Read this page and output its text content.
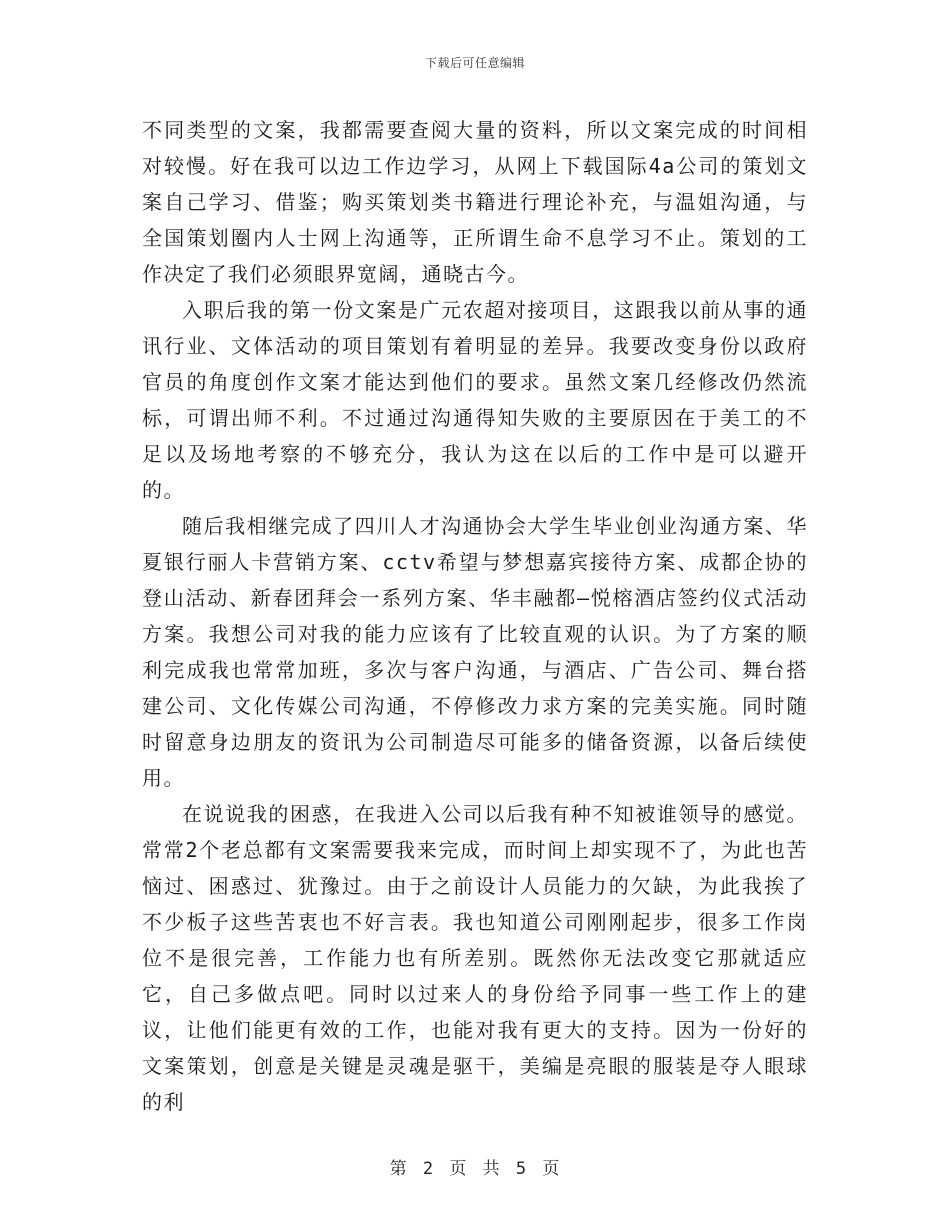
下载后可任意编辑

不同类型的文案，我都需要查阅大量的资料，所以文案完成的时间相对较慢。好在我可以边工作边学习，从网上下载国际4a公司的策划文案自己学习、借鉴；购买策划类书籍进行理论补充，与温姐沟通，与全国策划圈内人士网上沟通等，正所谓生命不息学习不止。策划的工作决定了我们必须眼界宽阔，通晓古今。

入职后我的第一份文案是广元农超对接项目，这跟我以前从事的通讯行业、文体活动的项目策划有着明显的差异。我要改变身份以政府官员的角度创作文案才能达到他们的要求。虽然文案几经修改仍然流标，可谓出师不利。不过通过沟通得知失败的主要原因在于美工的不足以及场地考察的不够充分，我认为这在以后的工作中是可以避开的。

随后我相继完成了四川人才沟通协会大学生毕业创业沟通方案、华夏银行丽人卡营销方案、cctv希望与梦想嘉宾接待方案、成都企协的登山活动、新春团拜会一系列方案、华丰融都—悦榕酒店签约仪式活动方案。我想公司对我的能力应该有了比较直观的认识。为了方案的顺利完成我也常常加班，多次与客户沟通，与酒店、广告公司、舞台搭建公司、文化传媒公司沟通，不停修改力求方案的完美实施。同时随时留意身边朋友的资讯为公司制造尽可能多的储备资源，以备后续使用。

在说说我的困惑，在我进入公司以后我有种不知被谁领导的感觉。常常2个老总都有文案需要我来完成，而时间上却实现不了，为此也苦恼过、困惑过、犹豫过。由于之前设计人员能力的欠缺，为此我挨了不少板子这些苦衷也不好言表。我也知道公司刚刚起步，很多工作岗位不是很完善，工作能力也有所差别。既然你无法改变它那就适应它，自己多做点吧。同时以过来人的身份给予同事一些工作上的建议，让他们能更有效的工作，也能对我有更大的支持。因为一份好的文案策划，创意是关键是灵魂是驱干，美编是亮眼的服装是夺人眼球的利

第 2 页 共 5 页
